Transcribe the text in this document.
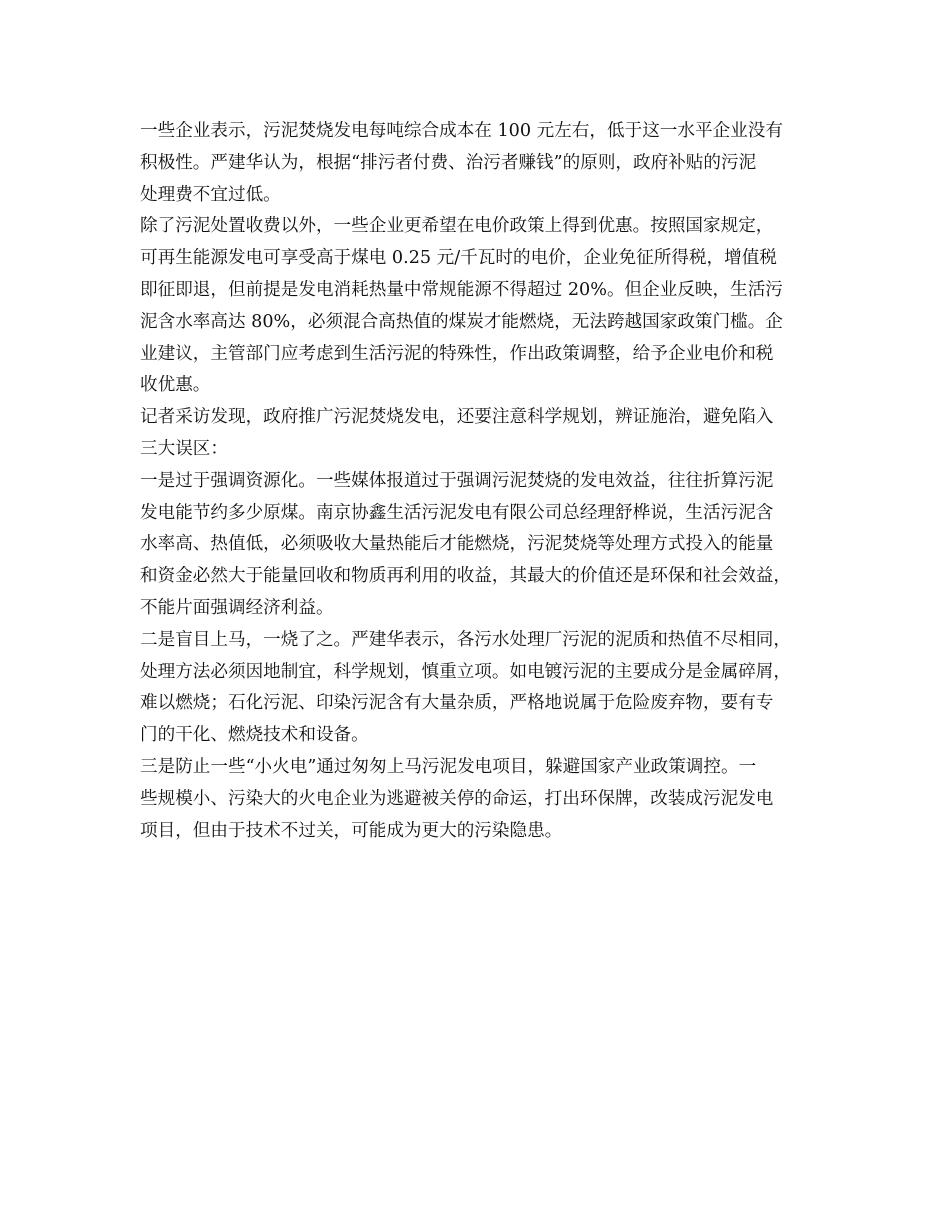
一些企业表示，污泥焚烧发电每吨综合成本在 100 元左右，低于这一水平企业没有
积极性。严建华认为，根据“排污者付费、治污者赚钱”的原则，政府补贴的污泥
处理费不宜过低。
除了污泥处置收费以外，一些企业更希望在电价政策上得到优惠。按照国家规定，
可再生能源发电可享受高于煤电 0.25 元/千瓦时的电价，企业免征所得税，增值税
即征即退，但前提是发电消耗热量中常规能源不得超过 20%。但企业反映，生活污
泥含水率高达 80%，必须混合高热值的煤炭才能燃烧，无法跨越国家政策门槛。企
业建议，主管部门应考虑到生活污泥的特殊性，作出政策调整，给予企业电价和税
收优惠。
记者采访发现，政府推广污泥焚烧发电，还要注意科学规划，辨证施治，避免陷入
三大误区：
一是过于强调资源化。一些媒体报道过于强调污泥焚烧的发电效益，往往折算污泥
发电能节约多少原煤。南京协鑫生活污泥发电有限公司总经理舒桦说，生活污泥含
水率高、热值低，必须吸收大量热能后才能燃烧，污泥焚烧等处理方式投入的能量
和资金必然大于能量回收和物质再利用的收益，其最大的价值还是环保和社会效益，
不能片面强调经济利益。
二是盲目上马，一烧了之。严建华表示，各污水处理厂污泥的泥质和热值不尽相同，
处理方法必须因地制宜，科学规划，慎重立项。如电镀污泥的主要成分是金属碎屑，
难以燃烧；石化污泥、印染污泥含有大量杂质，严格地说属于危险废弃物，要有专
门的干化、燃烧技术和设备。
三是防止一些“小火电”通过匆匆上马污泥发电项目，躲避国家产业政策调控。一
些规模小、污染大的火电企业为逃避被关停的命运，打出环保牌，改装成污泥发电
项目，但由于技术不过关，可能成为更大的污染隐患。
